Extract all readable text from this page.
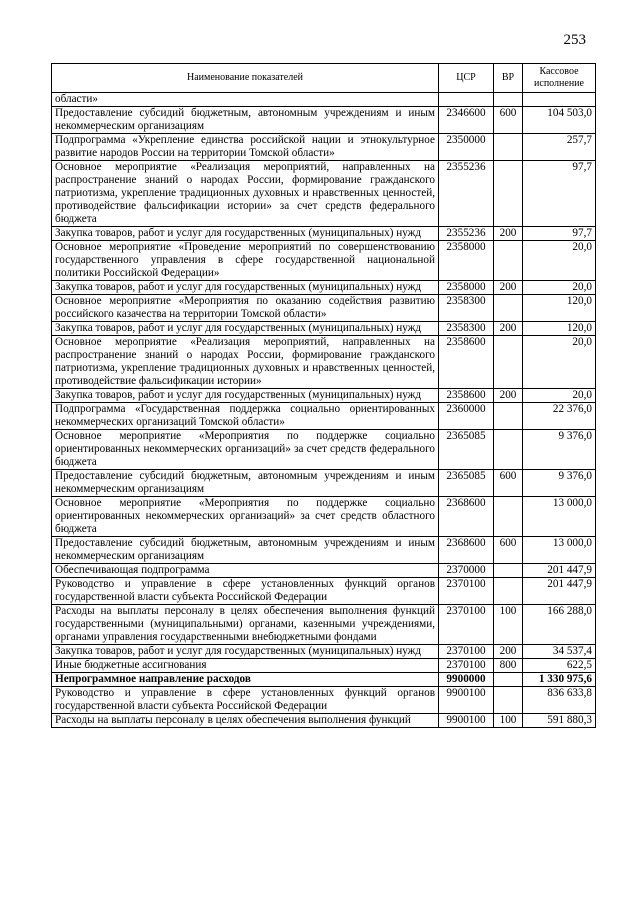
253
Наименование показателей	ЦСР	ВР	Кассовое исполнение
области»			
Предоставление субсидий бюджетным, автономным учреждениям и иным некоммерческим организациям	2346600	600	104 503,0
Подпрограмма «Укрепление единства российской нации и этнокультурное развитие народов России на территории Томской области»	2350000		257,7
Основное мероприятие «Реализация мероприятий, направленных на распространение знаний о народах России, формирование гражданского патриотизма, укрепление традиционных духовных и нравственных ценностей, противодействие фальсификации истории» за счет средств федерального бюджета	2355236		97,7
Закупка товаров, работ и услуг для государственных (муниципальных) нужд	2355236	200	97,7
Основное мероприятие «Проведение мероприятий по совершенствованию государственного управления в сфере государственной национальной политики Российской Федерации»	2358000		20,0
Закупка товаров, работ и услуг для государственных (муниципальных) нужд	2358000	200	20,0
Основное мероприятие «Мероприятия по оказанию содействия развитию российского казачества на территории Томской области»	2358300		120,0
Закупка товаров, работ и услуг для государственных (муниципальных) нужд	2358300	200	120,0
Основное мероприятие «Реализация мероприятий, направленных на распространение знаний о народах России, формирование гражданского патриотизма, укрепление традиционных духовных и нравственных ценностей, противодействие фальсификации истории»	2358600		20,0
Закупка товаров, работ и услуг для государственных (муниципальных) нужд	2358600	200	20,0
Подпрограмма «Государственная поддержка социально ориентированных некоммерческих организаций Томской области»	2360000		22 376,0
Основное мероприятие «Мероприятия по поддержке социально ориентированных некоммерческих организаций» за счет средств федерального бюджета	2365085		9 376,0
Предоставление субсидий бюджетным, автономным учреждениям и иным некоммерческим организациям	2365085	600	9 376,0
Основное мероприятие «Мероприятия по поддержке социально ориентированных некоммерческих организаций» за счет средств областного бюджета	2368600		13 000,0
Предоставление субсидий бюджетным, автономным учреждениям и иным некоммерческим организациям	2368600	600	13 000,0
Обеспечивающая подпрограмма	2370000		201 447,9
Руководство и управление в сфере установленных функций органов государственной власти субъекта Российской Федерации	2370100		201 447,9
Расходы на выплаты персоналу в целях обеспечения выполнения функций государственными (муниципальными) органами, казенными учреждениями, органами управления государственными внебюджетными фондами	2370100	100	166 288,0
Закупка товаров, работ и услуг для государственных (муниципальных) нужд	2370100	200	34 537,4
Иные бюджетные ассигнования	2370100	800	622,5
Непрограммное направление расходов	9900000		1 330 975,6
Руководство и управление в сфере установленных функций органов государственной власти субъекта Российской Федерации	9900100		836 633,8
Расходы на выплаты персоналу в целях обеспечения выполнения функций	9900100	100	591 880,3
